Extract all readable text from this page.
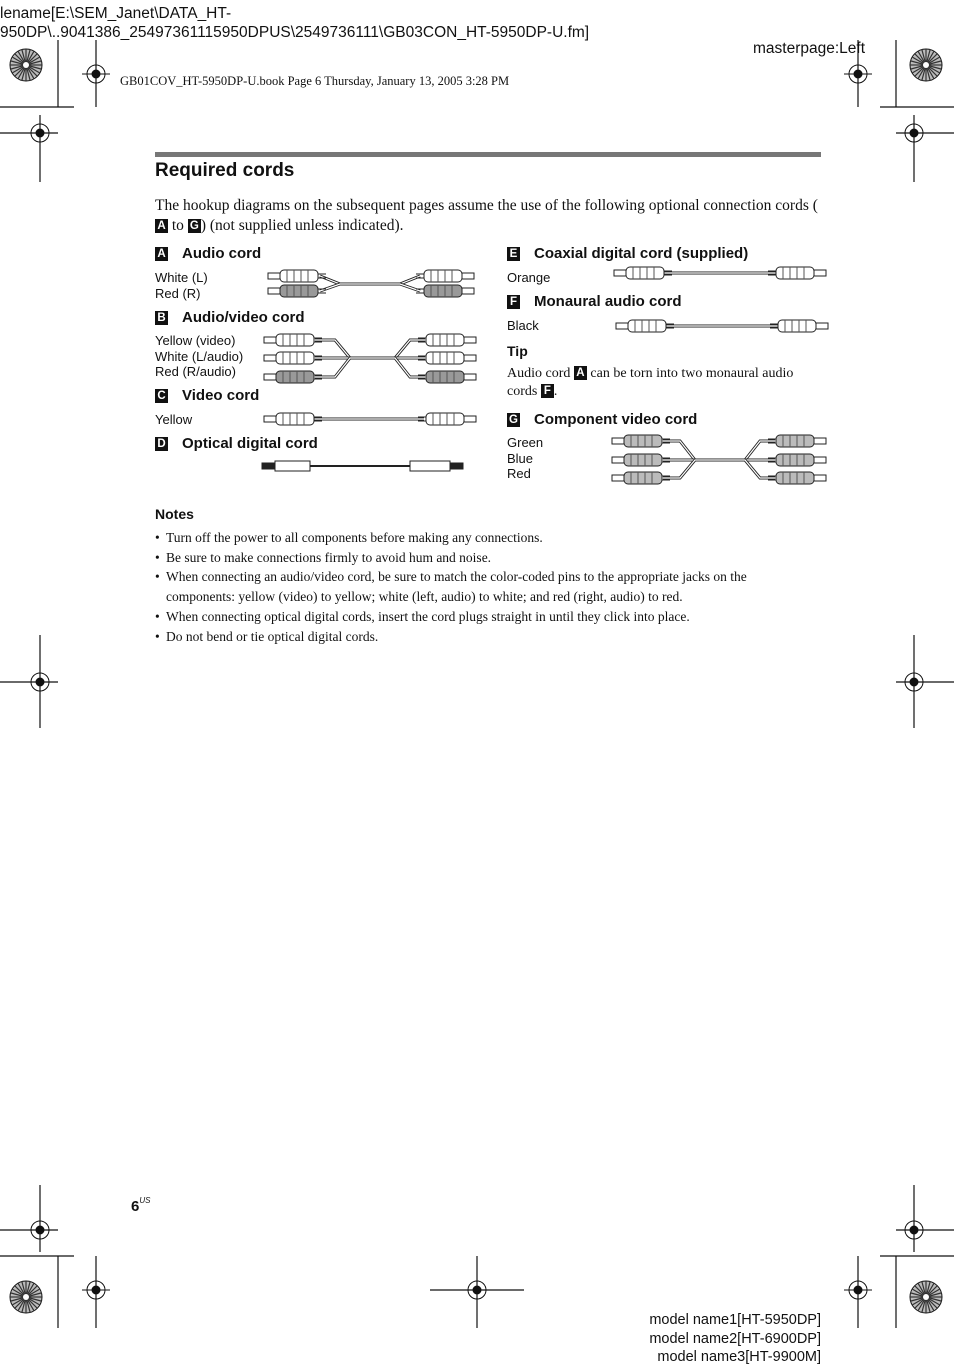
lename[E:\SEM_Janet\DATA_HT-
950DP\..9041386_25497361115950DPUS\2549736111\GB03CON_HT-5950DP-U.fm]
masterpage:Left
GB01COV_HT-5950DP-U.book Page 6 Thursday, January 13, 2005 3:28 PM
Required cords
The hookup diagrams on the subsequent pages assume the use of the following optional connection cords (A to G ) (not supplied unless indicated).
A Audio cord
White (L)
Red (R)
B Audio/video cord
Yellow (video)
White (L/audio)
Red (R/audio)
C Video cord
Yellow
D Optical digital cord
E Coaxial digital cord (supplied)
Orange
F Monaural audio cord
Black
Tip
Audio cord A can be torn into two monaural audio cords F .
G Component video cord
Green
Blue
Red
Notes
• Turn off the power to all components before making any connections.
• Be sure to make connections firmly to avoid hum and noise.
• When connecting an audio/video cord, be sure to match the color-coded pins to the appropriate jacks on the components: yellow (video) to yellow; white (left, audio) to white; and red (right, audio) to red.
• When connecting optical digital cords, insert the cord plugs straight in until they click into place.
• Do not bend or tie optical digital cords.
$6^{US}$
model name1[HT-5950DP]
model name2[HT-6900DP]
model name3[HT-9900M]
